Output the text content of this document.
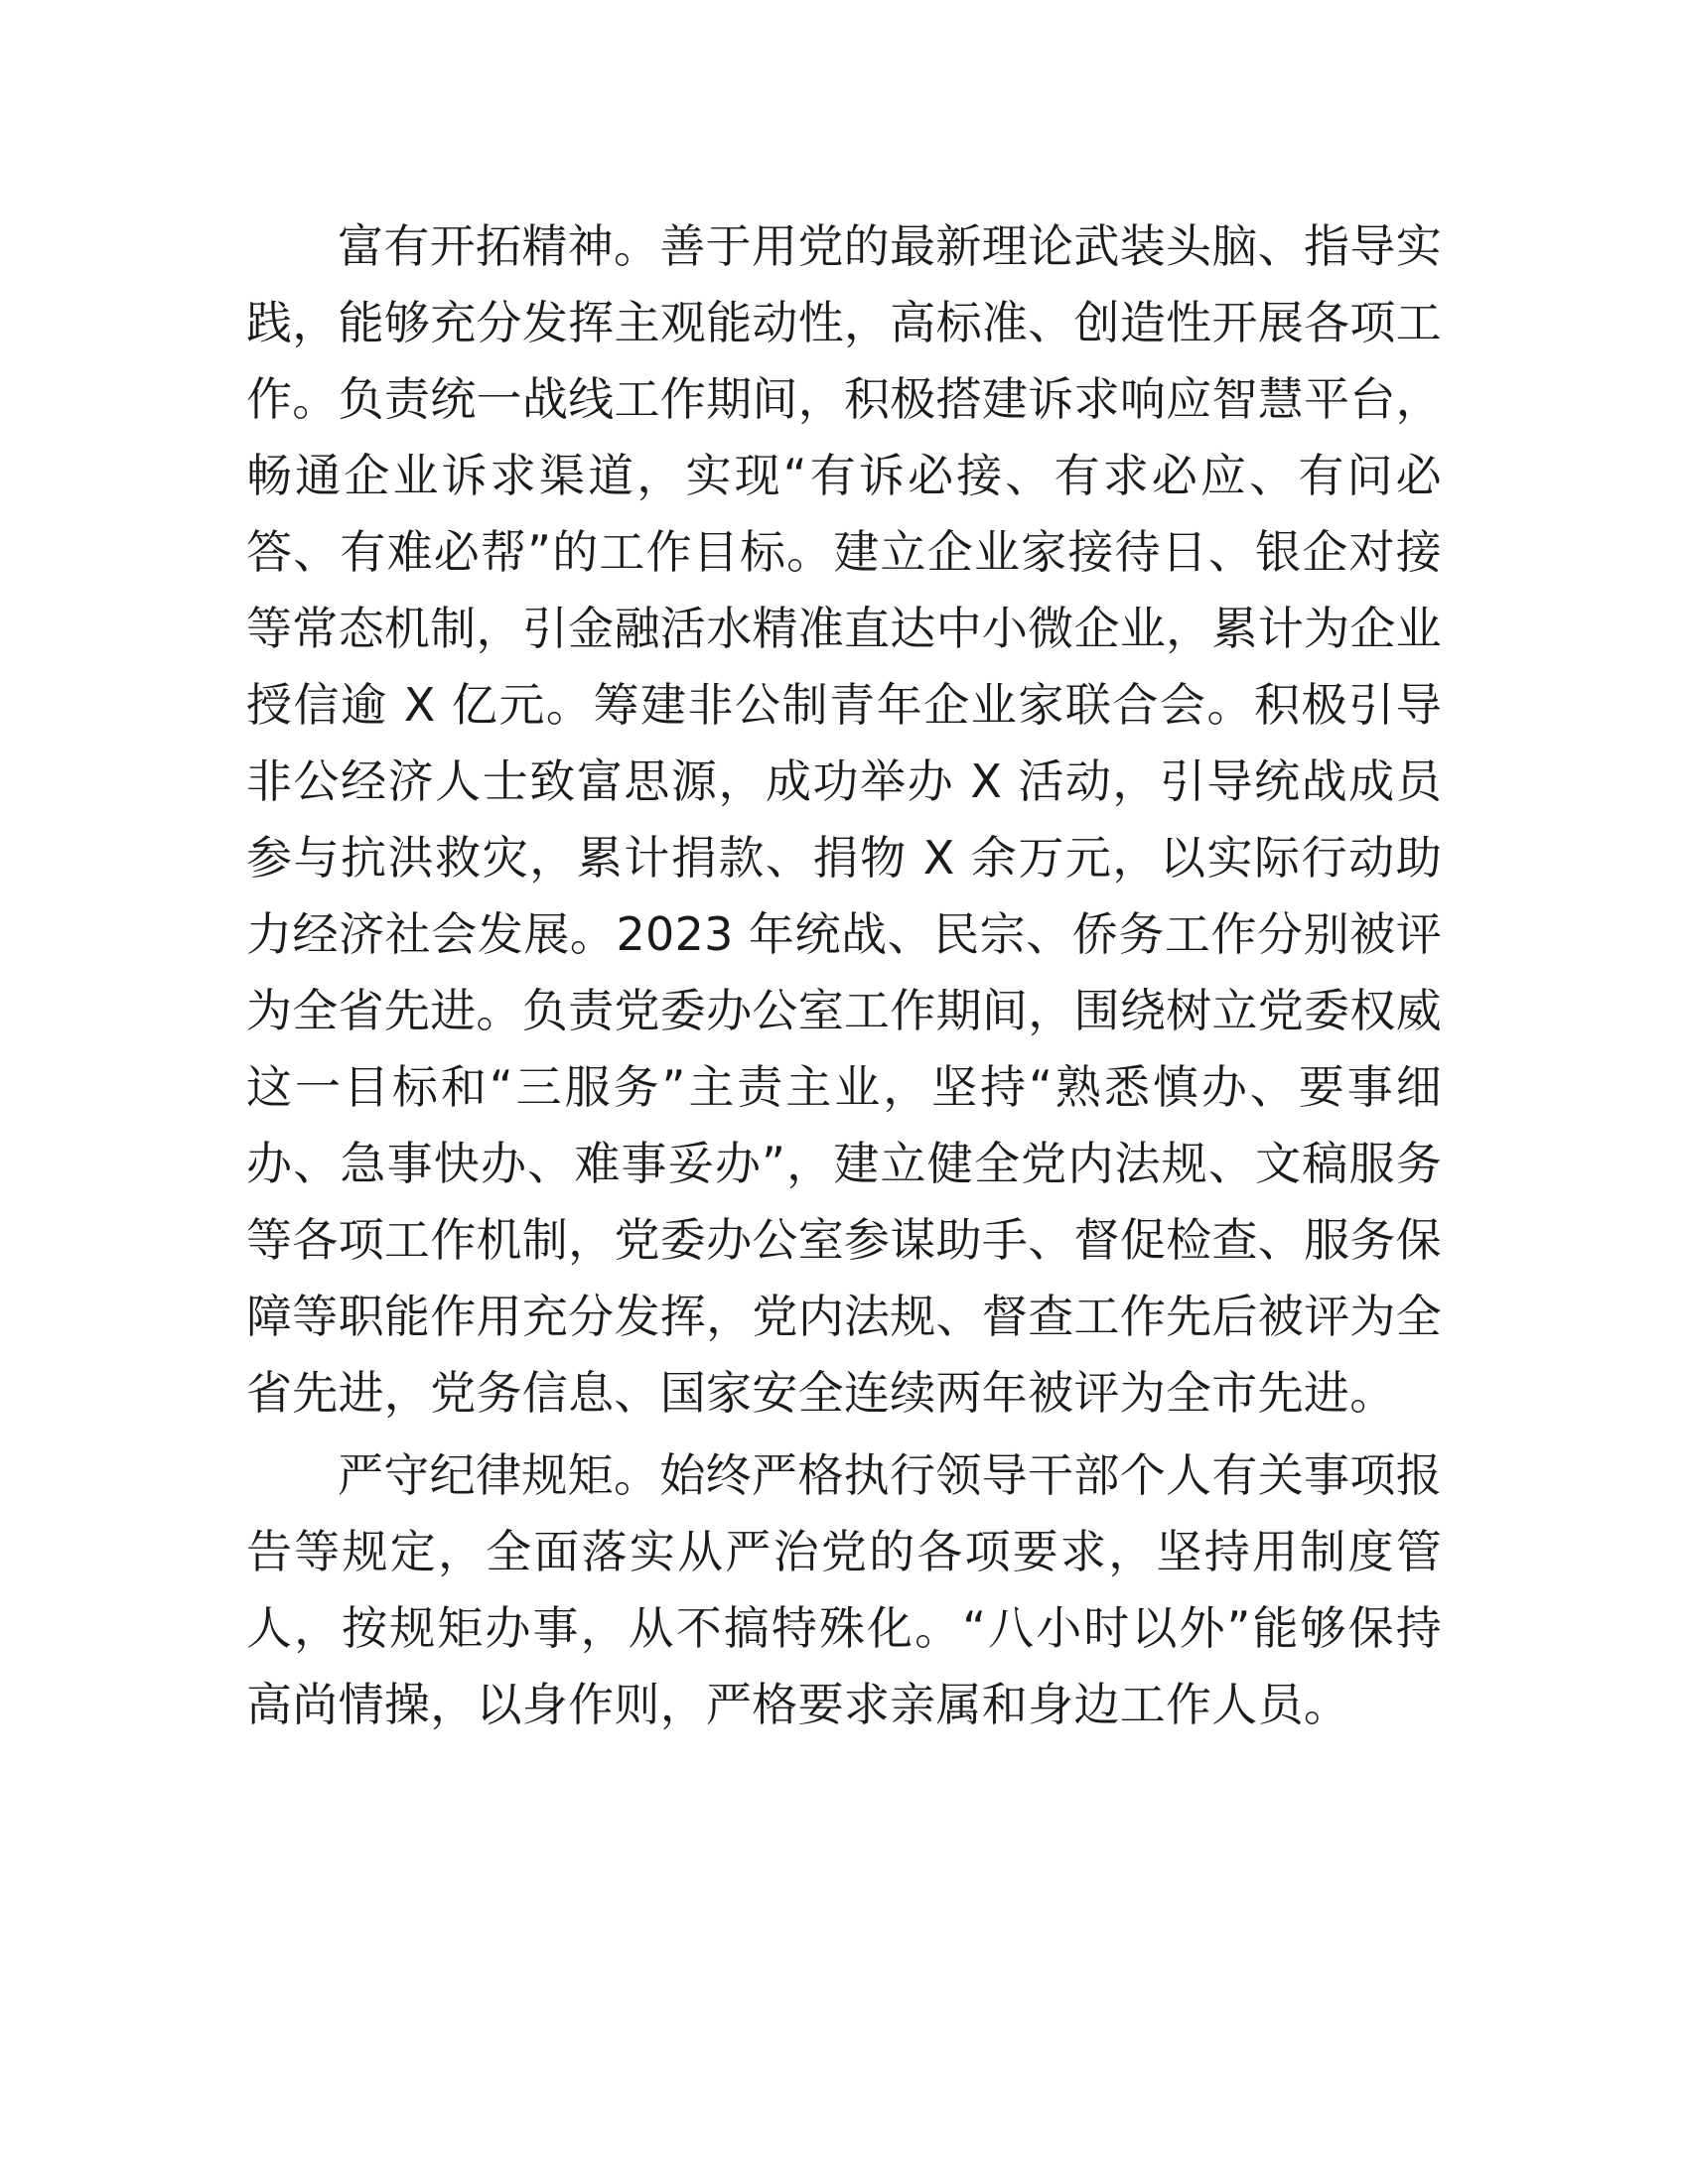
富有开拓精神。善于用党的最新理论武装头脑、指导实践，能够充分发挥主观能动性，高标准、创造性开展各项工作。负责统一战线工作期间，积极搭建诉求响应智慧平台，畅通企业诉求渠道，实现“有诉必接、有求必应、有问必答、有难必帮”的工作目标。建立企业家接待日、银企对接等常态机制，引金融活水精准直达中小微企业，累计为企业授信逾 X 亿元。筹建非公制青年企业家联合会。积极引导非公经济人士致富思源，成功举办 X 活动，引导统战成员参与抗洪救灾，累计捐款、捐物 X 余万元，以实际行动助力经济社会发展。2023 年统战、民宗、侨务工作分别被评为全省先进。负责党委办公室工作期间，围绕树立党委权威这一目标和“三服务”主责主业，坚持“熟悉慎办、要事细办、急事快办、难事妥办”，建立健全党内法规、文稿服务等各项工作机制，党委办公室参谋助手、督促检查、服务保障等职能作用充分发挥，党内法规、督查工作先后被评为全省先进，党务信息、国家安全连续两年被评为全市先进。

严守纪律规矩。始终严格执行领导干部个人有关事项报告等规定，全面落实从严治党的各项要求，坚持用制度管人，按规矩办事，从不搞特殊化。“八小时以外”能够保持高尚情操，以身作则，严格要求亲属和身边工作人员。
